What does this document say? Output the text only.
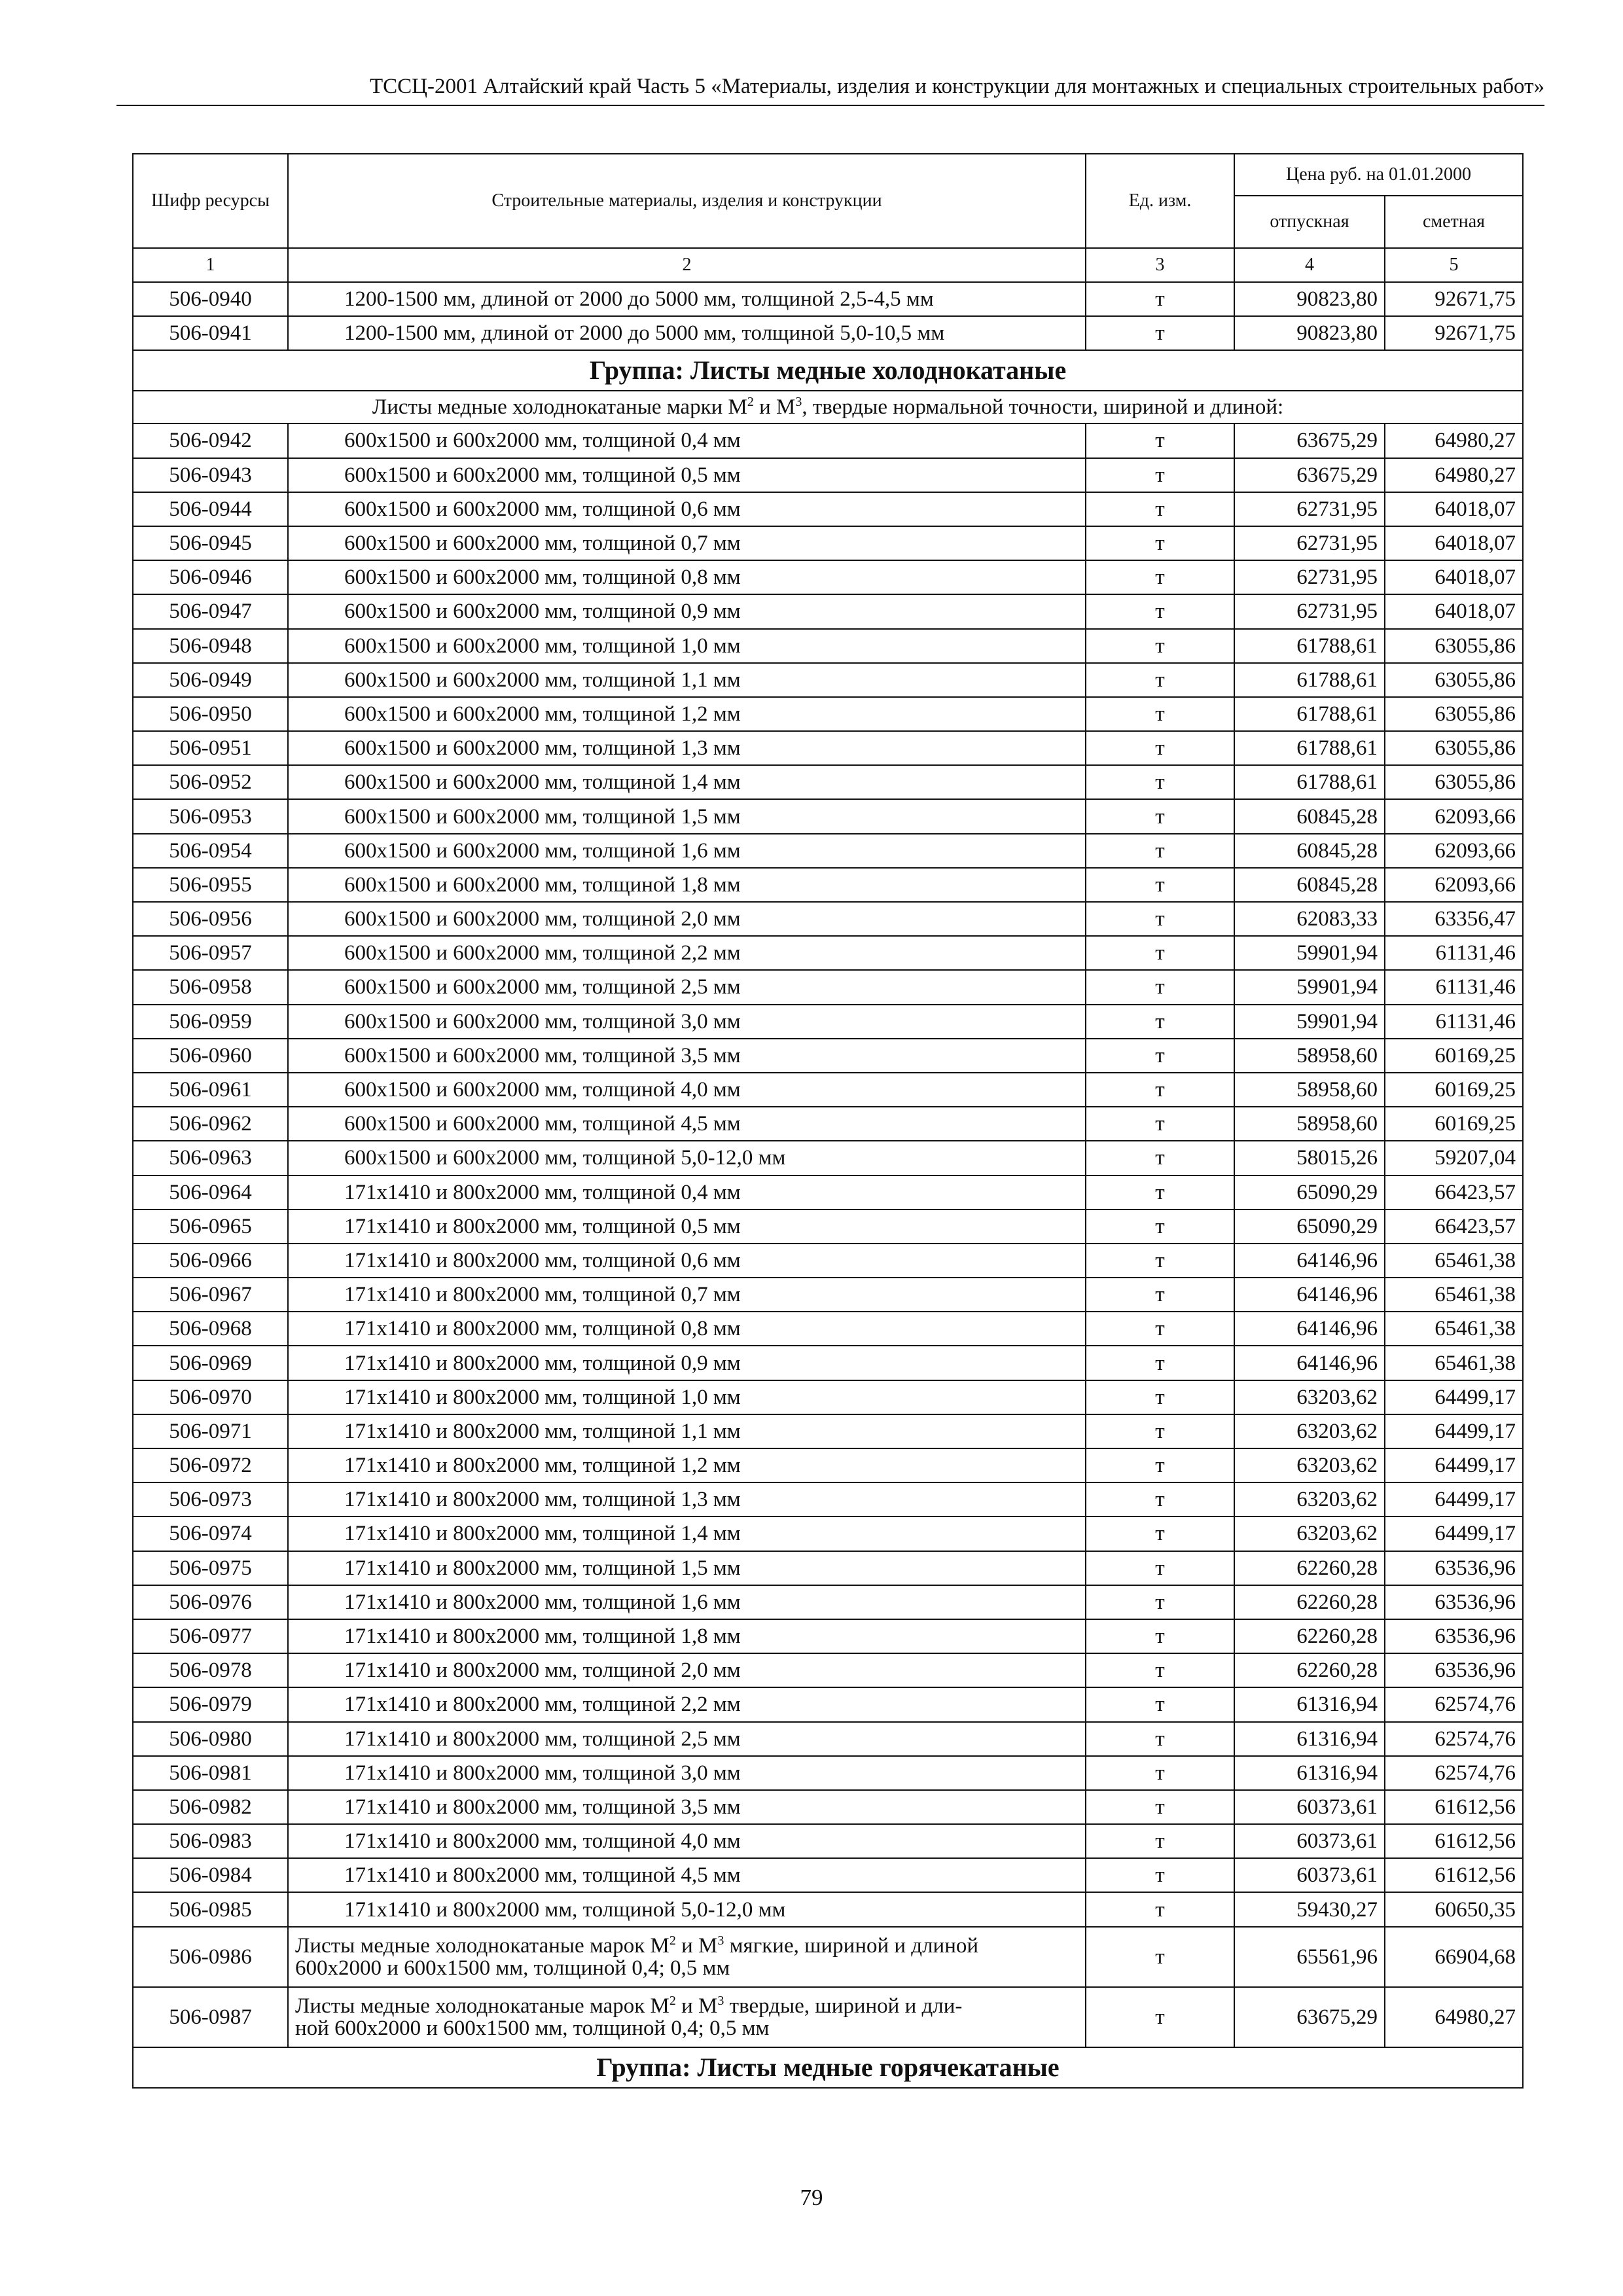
ТССЦ-2001 Алтайский край Часть 5 «Материалы, изделия и конструкции для монтажных и специальных строительных работ»
Шифр ресурсы	Строительные материалы, изделия и конструкции	Ед. изм.	Цена руб. на 01.01.2000	
			отпускная	сметная
1	2	3	4	5
506-0940	1200-1500 мм, длиной от 2000 до 5000 мм, толщиной 2,5-4,5 мм	т	90823,80	92671,75
506-0941	1200-1500 мм, длиной от 2000 до 5000 мм, толщиной 5,0-10,5 мм	т	90823,80	92671,75
Группа: Листы медные холоднокатаные				
Листы медные холоднокатаные марки $М^2$ и $М^3$, твердые нормальной точности, шириной и длиной:				
506-0942	600х1500 и 600х2000 мм, толщиной 0,4 мм	т	63675,29	64980,27
506-0943	600х1500 и 600х2000 мм, толщиной 0,5 мм	т	63675,29	64980,27
506-0944	600х1500 и 600х2000 мм, толщиной 0,6 мм	т	62731,95	64018,07
506-0945	600х1500 и 600х2000 мм, толщиной 0,7 мм	т	62731,95	64018,07
506-0946	600х1500 и 600х2000 мм, толщиной 0,8 мм	т	62731,95	64018,07
506-0947	600х1500 и 600х2000 мм, толщиной 0,9 мм	т	62731,95	64018,07
506-0948	600х1500 и 600х2000 мм, толщиной 1,0 мм	т	61788,61	63055,86
506-0949	600х1500 и 600х2000 мм, толщиной 1,1 мм	т	61788,61	63055,86
506-0950	600х1500 и 600х2000 мм, толщиной 1,2 мм	т	61788,61	63055,86
506-0951	600х1500 и 600х2000 мм, толщиной 1,3 мм	т	61788,61	63055,86
506-0952	600х1500 и 600х2000 мм, толщиной 1,4 мм	т	61788,61	63055,86
506-0953	600х1500 и 600х2000 мм, толщиной 1,5 мм	т	60845,28	62093,66
506-0954	600х1500 и 600х2000 мм, толщиной 1,6 мм	т	60845,28	62093,66
506-0955	600х1500 и 600х2000 мм, толщиной 1,8 мм	т	60845,28	62093,66
506-0956	600х1500 и 600х2000 мм, толщиной 2,0 мм	т	62083,33	63356,47
506-0957	600х1500 и 600х2000 мм, толщиной 2,2 мм	т	59901,94	61131,46
506-0958	600х1500 и 600х2000 мм, толщиной 2,5 мм	т	59901,94	61131,46
506-0959	600х1500 и 600х2000 мм, толщиной 3,0 мм	т	59901,94	61131,46
506-0960	600х1500 и 600х2000 мм, толщиной 3,5 мм	т	58958,60	60169,25
506-0961	600х1500 и 600х2000 мм, толщиной 4,0 мм	т	58958,60	60169,25
506-0962	600х1500 и 600х2000 мм, толщиной 4,5 мм	т	58958,60	60169,25
506-0963	600х1500 и 600х2000 мм, толщиной 5,0-12,0 мм	т	58015,26	59207,04
506-0964	171х1410 и 800х2000 мм, толщиной 0,4 мм	т	65090,29	66423,57
506-0965	171х1410 и 800х2000 мм, толщиной 0,5 мм	т	65090,29	66423,57
506-0966	171х1410 и 800х2000 мм, толщиной 0,6 мм	т	64146,96	65461,38
506-0967	171х1410 и 800х2000 мм, толщиной 0,7 мм	т	64146,96	65461,38
506-0968	171х1410 и 800х2000 мм, толщиной 0,8 мм	т	64146,96	65461,38
506-0969	171х1410 и 800х2000 мм, толщиной 0,9 мм	т	64146,96	65461,38
506-0970	171х1410 и 800х2000 мм, толщиной 1,0 мм	т	63203,62	64499,17
506-0971	171х1410 и 800х2000 мм, толщиной 1,1 мм	т	63203,62	64499,17
506-0972	171х1410 и 800х2000 мм, толщиной 1,2 мм	т	63203,62	64499,17
506-0973	171х1410 и 800х2000 мм, толщиной 1,3 мм	т	63203,62	64499,17
506-0974	171х1410 и 800х2000 мм, толщиной 1,4 мм	т	63203,62	64499,17
506-0975	171х1410 и 800х2000 мм, толщиной 1,5 мм	т	62260,28	63536,96
506-0976	171х1410 и 800х2000 мм, толщиной 1,6 мм	т	62260,28	63536,96
506-0977	171х1410 и 800х2000 мм, толщиной 1,8 мм	т	62260,28	63536,96
506-0978	171х1410 и 800х2000 мм, толщиной 2,0 мм	т	62260,28	63536,96
506-0979	171х1410 и 800х2000 мм, толщиной 2,2 мм	т	61316,94	62574,76
506-0980	171х1410 и 800х2000 мм, толщиной 2,5 мм	т	61316,94	62574,76
506-0981	171х1410 и 800х2000 мм, толщиной 3,0 мм	т	61316,94	62574,76
506-0982	171х1410 и 800х2000 мм, толщиной 3,5 мм	т	60373,61	61612,56
506-0983	171х1410 и 800х2000 мм, толщиной 4,0 мм	т	60373,61	61612,56
506-0984	171х1410 и 800х2000 мм, толщиной 4,5 мм	т	60373,61	61612,56
506-0985	171х1410 и 800х2000 мм, толщиной 5,0-12,0 мм	т	59430,27	60650,35
506-0986	Листы медные холоднокатаные марок $М^2$ и $М^3$ мягкие, шириной и длиной
600х2000 и 600х1500 мм, толщиной 0,4; 0,5 мм	т	65561,96	66904,68
506-0987	Листы медные холоднокатаные марок $М^2$ и $М^3$ твердые, шириной и дли-
ной 600х2000 и 600х1500 мм, толщиной 0,4; 0,5 мм	т	63675,29	64980,27
Группа: Листы медные горячекатаные				
79
